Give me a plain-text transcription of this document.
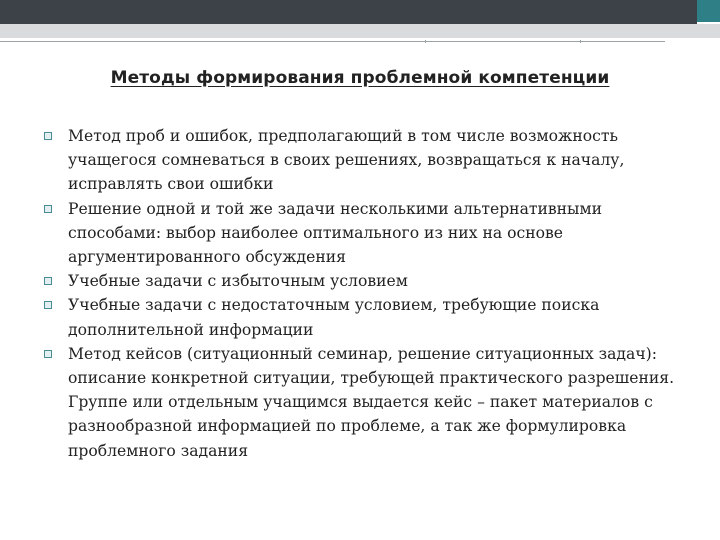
Методы формирования проблемной компетенции
Метод проб и ошибок, предполагающий в том числе возможность учащегося сомневаться в своих решениях, возвращаться к началу, исправлять свои ошибки
Решение одной и той же задачи несколькими альтернативными способами: выбор наиболее оптимального из них на основе аргументированного обсуждения
Учебные задачи с избыточным условием
Учебные задачи с недостаточным условием, требующие поиска дополнительной информации
Метод кейсов (ситуационный семинар, решение ситуационных задач): описание конкретной ситуации, требующей практического разрешения. Группе или отдельным учащимся выдается кейс – пакет материалов с разнообразной информацией по проблеме, а так же формулировка проблемного задания
